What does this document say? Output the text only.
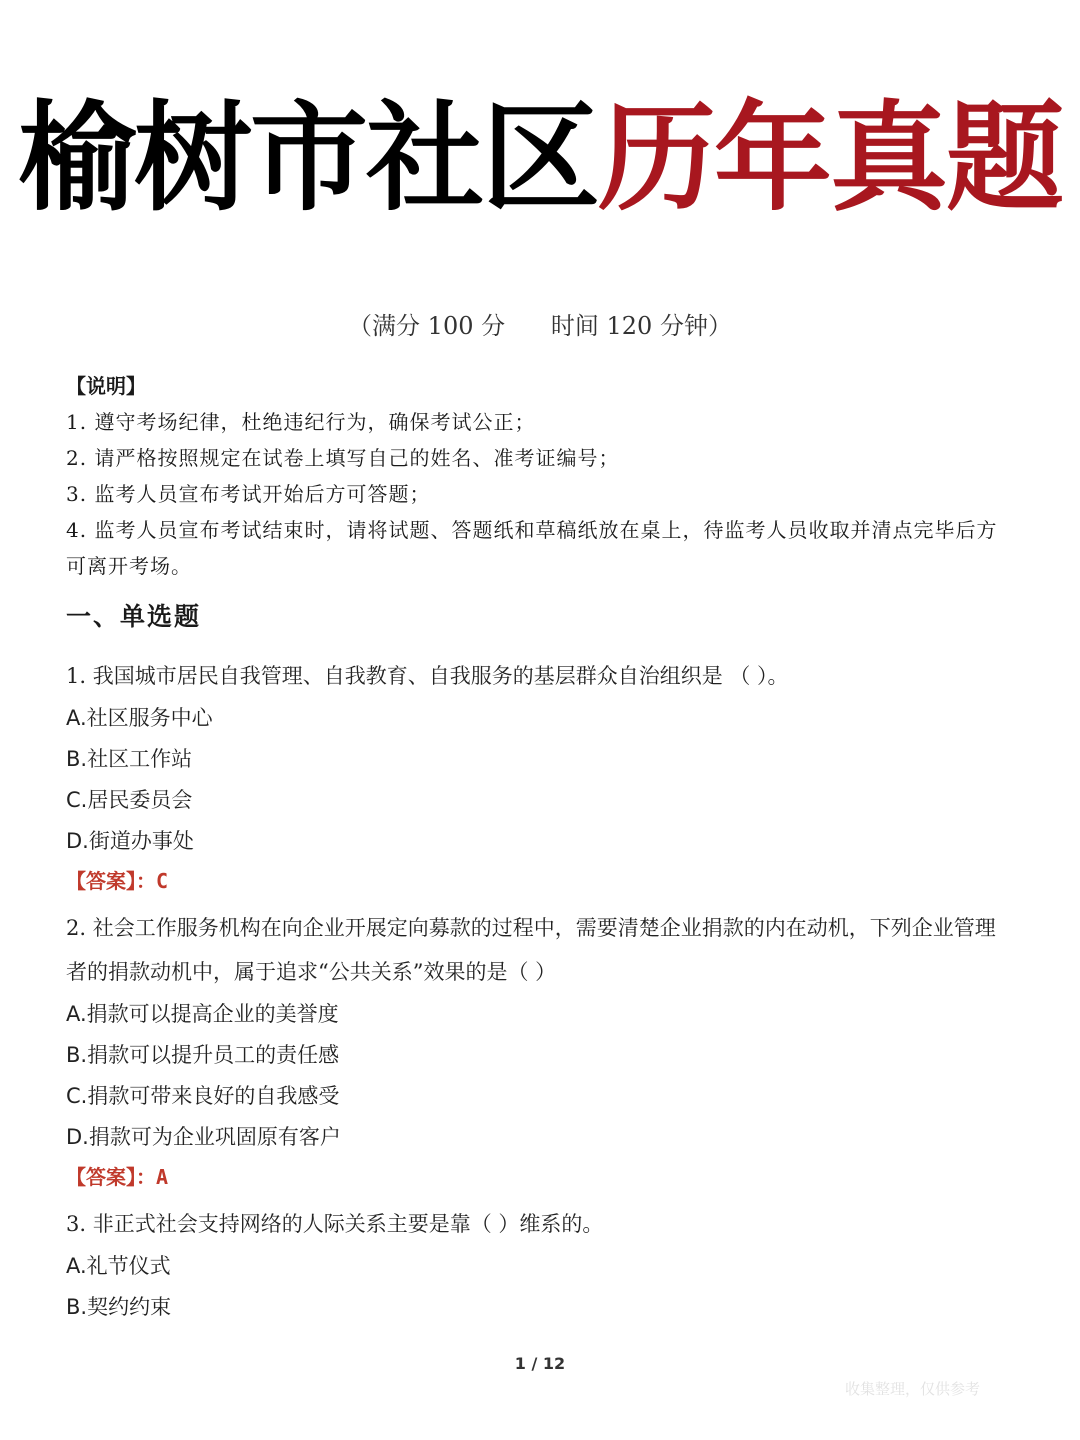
榆树市社区历年真题
（满分 100 分      时间 120 分钟）
【说明】
1. 遵守考场纪律，杜绝违纪行为，确保考试公正；
2. 请严格按照规定在试卷上填写自己的姓名、准考证编号；
3. 监考人员宣布考试开始后方可答题；
4. 监考人员宣布考试结束时，请将试题、答题纸和草稿纸放在桌上，待监考人员收取并清点完毕后方可离开考场。
一、单选题
1. 我国城市居民自我管理、自我教育、自我服务的基层群众自治组织是 （ ）。
A.社区服务中心
B.社区工作站
C.居民委员会
D.街道办事处
【答案】：C
2. 社会工作服务机构在向企业开展定向募款的过程中，需要清楚企业捐款的内在动机，下列企业管理者的捐款动机中，属于追求“公共关系”效果的是（ ）
A.捐款可以提高企业的美誉度
B.捐款可以提升员工的责任感
C.捐款可带来良好的自我感受
D.捐款可为企业巩固原有客户
【答案】：A
3. 非正式社会支持网络的人际关系主要是靠（ ）维系的。
A.礼节仪式
B.契约约束
1 / 12
收集整理，仅供参考
